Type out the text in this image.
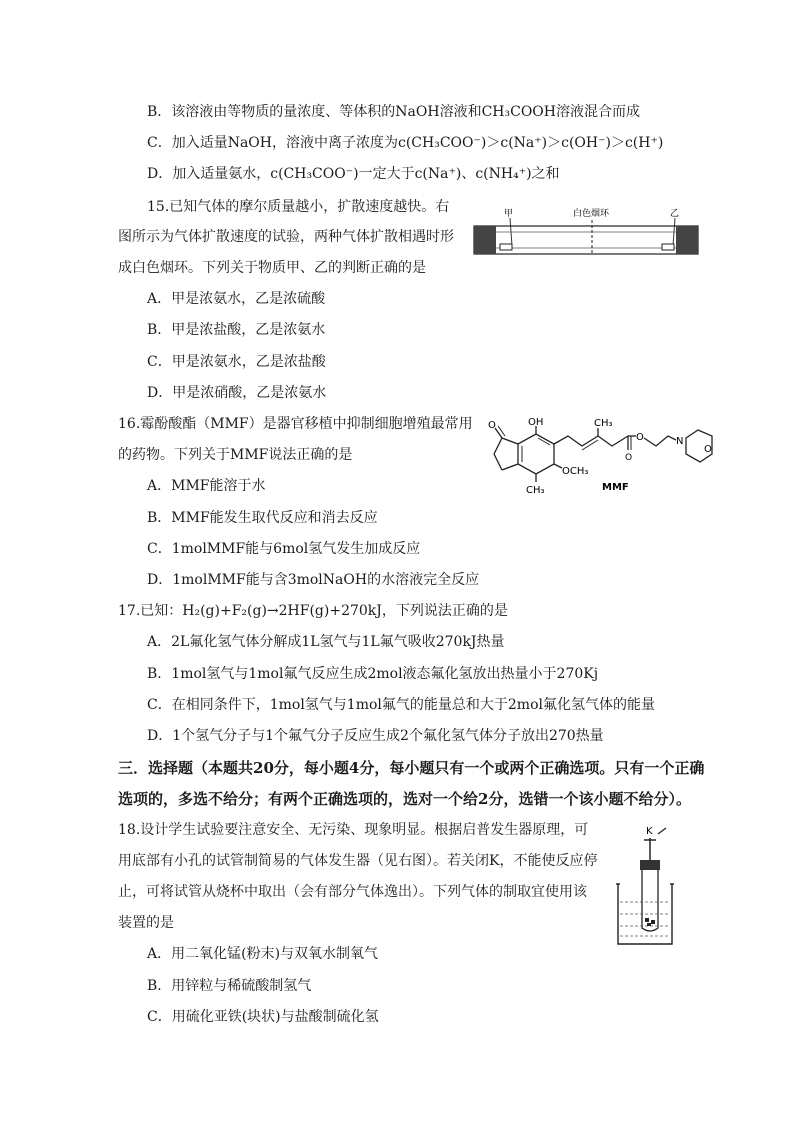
B．该溶液由等物质的量浓度、等体积的NaOH溶液和CH₃COOH溶液混合而成
C．加入适量NaOH，溶液中离子浓度为c(CH₃COO⁻)＞c(Na⁺)＞c(OH⁻)＞c(H⁺)
D．加入适量氨水，c(CH₃COO⁻)一定大于c(Na⁺)、c(NH₄⁺)之和
15.已知气体的摩尔质量越小，扩散速度越快。右
图所示为气体扩散速度的试验，两种气体扩散相遇时形
成白色烟环。下列关于物质甲、乙的判断正确的是
A．甲是浓氨水，乙是浓硫酸
B．甲是浓盐酸，乙是浓氨水
C．甲是浓氨水，乙是浓盐酸
D．甲是浓硝酸，乙是浓氨水
甲	白色烟环	乙
16.霉酚酸酯（MMF）是器官移植中抑制细胞增殖最常用
的药物。下列关于MMF说法正确的是
A．MMF能溶于水
B．MMF能发生取代反应和消去反应
C．1molMMF能与6mol氢气发生加成反应
D．1molMMF能与含3molNaOH的水溶液完全反应
O	OH
CH₃
OCH₃
CH₃
O
O	N
O
MMF
17.已知：H₂(g)+F₂(g)→2HF(g)+270kJ，下列说法正确的是
A．2L氟化氢气体分解成1L氢气与1L氟气吸收270kJ热量
B．1mol氢气与1mol氟气反应生成2mol液态氟化氢放出热量小于270Kj
C．在相同条件下，1mol氢气与1mol氟气的能量总和大于2mol氟化氢气体的能量
D．1个氢气分子与1个氟气分子反应生成2个氟化氢气体分子放出270热量
三．选择题（本题共20分，每小题4分，每小题只有一个或两个正确选项。只有一个正确
选项的，多选不给分；有两个正确选项的，选对一个给2分，选错一个该小题不给分）。
18.设计学生试验要注意安全、无污染、现象明显。根据启普发生器原理，可
用底部有小孔的试管制简易的气体发生器（见右图）。若关闭K，不能使反应停
止，可将试管从烧杯中取出（会有部分气体逸出）。下列气体的制取宜使用该
装置的是
A．用二氧化锰(粉末)与双氧水制氧气
B．用锌粒与稀硫酸制氢气
C．用硫化亚铁(块状)与盐酸制硫化氢
K
